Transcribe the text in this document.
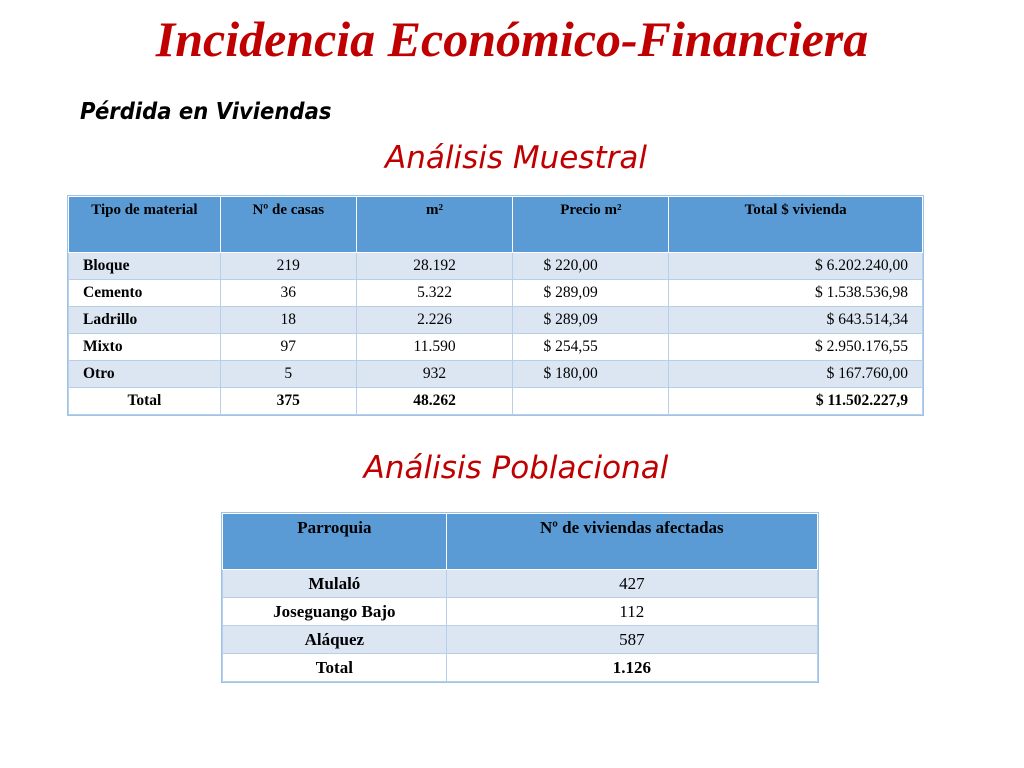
Incidencia Económico-Financiera
Pérdida en Viviendas
Análisis Muestral
Tipo de material	Nº de casas	m²	Precio m²	Total $ vivienda
Bloque	219	28.192	$ 220,00	$ 6.202.240,00
Cemento	36	5.322	$ 289,09	$ 1.538.536,98
Ladrillo	18	2.226	$ 289,09	$ 643.514,34
Mixto	97	11.590	$ 254,55	$ 2.950.176,55
Otro	5	932	$ 180,00	$ 167.760,00
Total	375	48.262		$ 11.502.227,9
Análisis Poblacional
Parroquia	Nº de viviendas afectadas
Mulaló	427
Joseguango Bajo	112
Aláquez	587
Total	1.126
